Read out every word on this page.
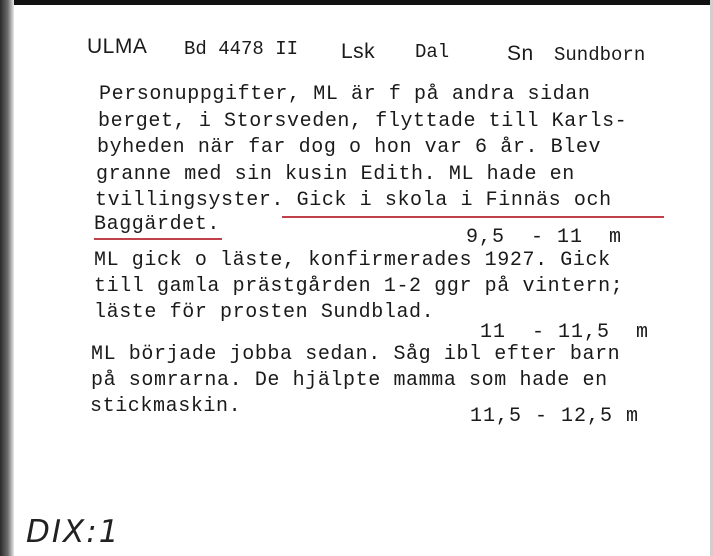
ULMA Bd 4478 II Lsk Dal	Sn Sundborn
Personuppgifter, ML är f på andra sidan
berget, i Storsveden, flyttade till Karls-
byheden när far dog o hon var 6 år. Blev
granne med sin kusin Edith. ML hade en
tvillingsyster. Gick i skola i Finnäs och
Baggärdet.
9,5  - 11  m
ML gick o läste, konfirmerades 1927. Gick
till gamla prästgården 1-2 ggr på vintern;
läste för prosten Sundblad.
11  - 11,5  m
ML började jobba sedan. Såg ibl efter barn
på somrarna. De hjälpte mamma som hade en
stickmaskin.	11,5 - 12,5 m
DIX:1
